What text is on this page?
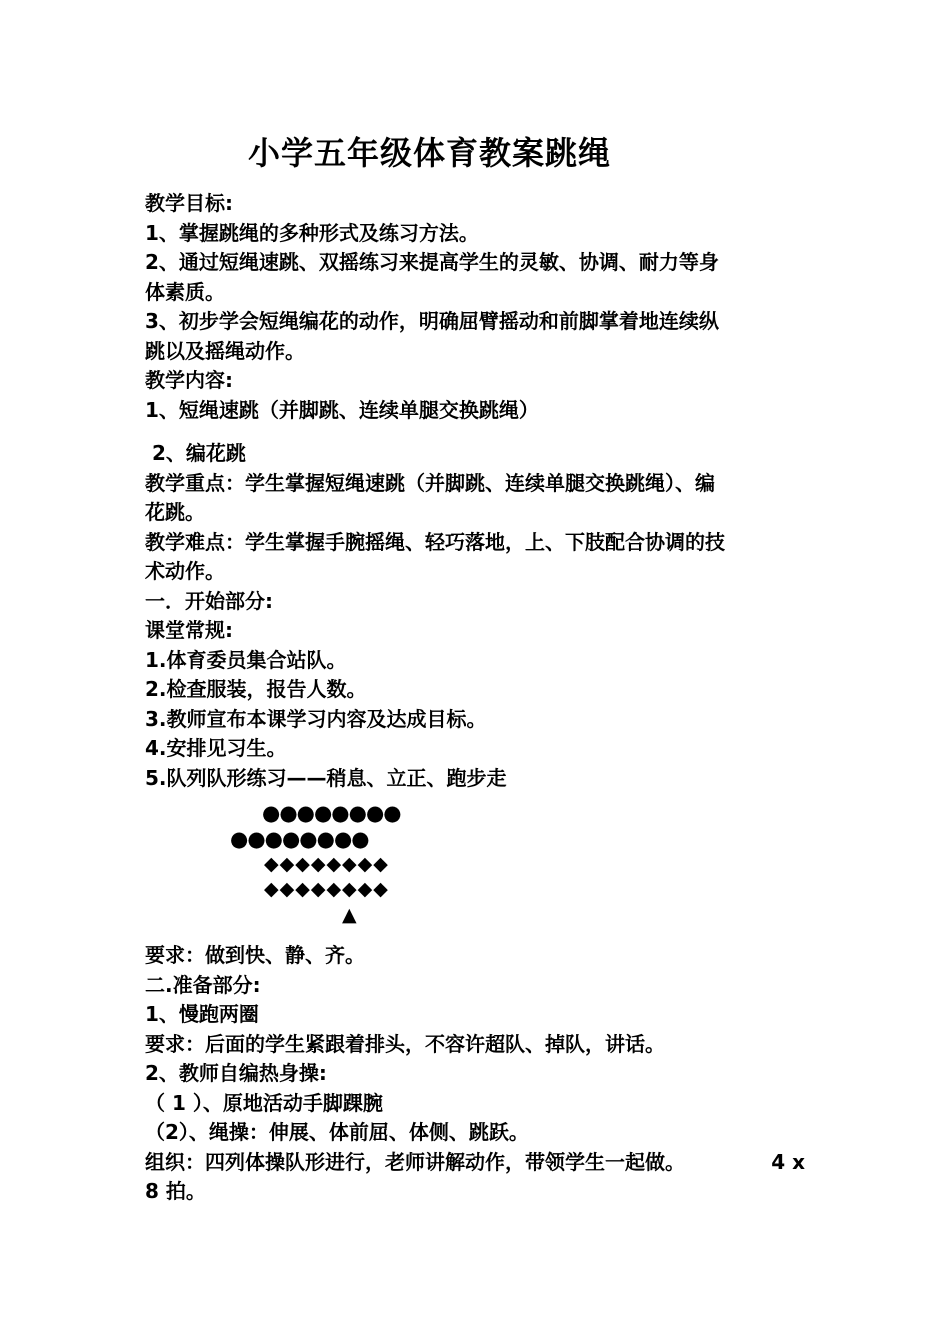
小学五年级体育教案跳绳

教学目标:

1、掌握跳绳的多种形式及练习方法。

2、通过短绳速跳、双摇练习来提高学生的灵敏、协调、耐力等身

体素质。

3、初步学会短绳编花的动作，明确屈臂摇动和前脚掌着地连续纵

跳以及摇绳动作。

教学内容:

1、短绳速跳（并脚跳、连续单腿交换跳绳）

2、编花跳

教学重点：学生掌握短绳速跳（并脚跳、连续单腿交换跳绳）、编

花跳。

教学难点：学生掌握手腕摇绳、轻巧落地，上、下肢配合协调的技

术动作。

一．开始部分:

课堂常规:

1.体育委员集合站队。

2.检查服装，报告人数。

3.教师宣布本课学习内容及达成目标。

4.安排见习生。

5.队列队形练习——稍息、立正、跑步走

●●●●●●●●
●●●●●●●●
◆◆◆◆◆◆◆◆
◆◆◆◆◆◆◆◆
▲

要求：做到快、静、齐。

二.准备部分:

1、慢跑两圈

要求：后面的学生紧跟着排头，不容许超队、掉队，讲话。

2、教师自编热身操:

（ 1 ）、原地活动手脚踝腕

（2）、绳操：伸展、体前屈、体侧、跳跃。

组织：四列体操队形进行，老师讲解动作，带领学生一起做。	4 x

8 拍。
